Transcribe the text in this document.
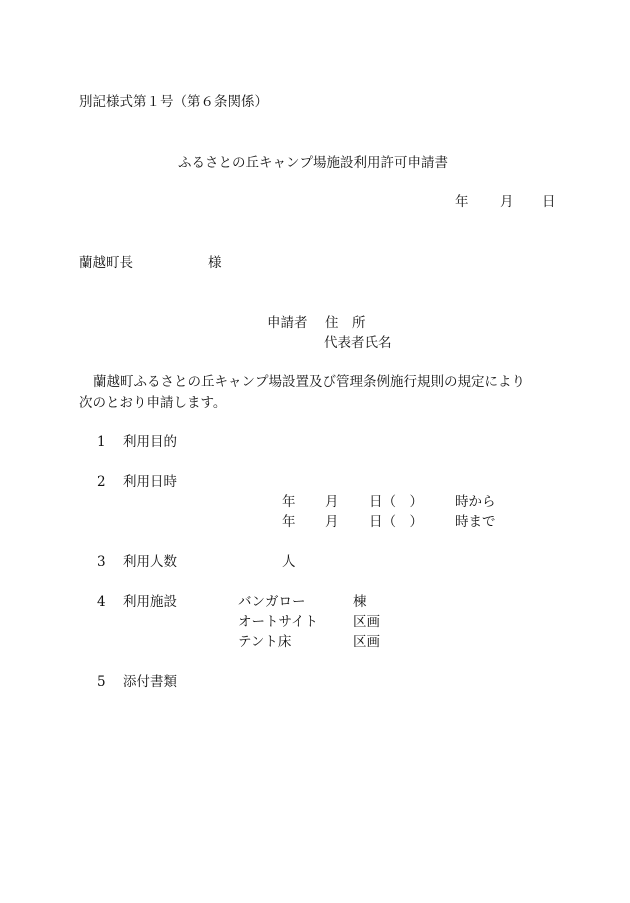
別記様式第１号（第６条関係）
ふるさとの丘キャンプ場施設利用許可申請書
年 月 日
蘭越町長	様
申請者 住　所
代表者氏名
蘭越町ふるさとの丘キャンプ場設置及び管理条例施行規則の規定により
次のとおり申請します。
1 利用目的
2 利用日時
年 月 日（　） 時から
年 月 日（　） 時まで
3 利用人数	人
4 利用施設	バンガロー	棟
オートサイト	区画
テント床	区画
5 添付書類
